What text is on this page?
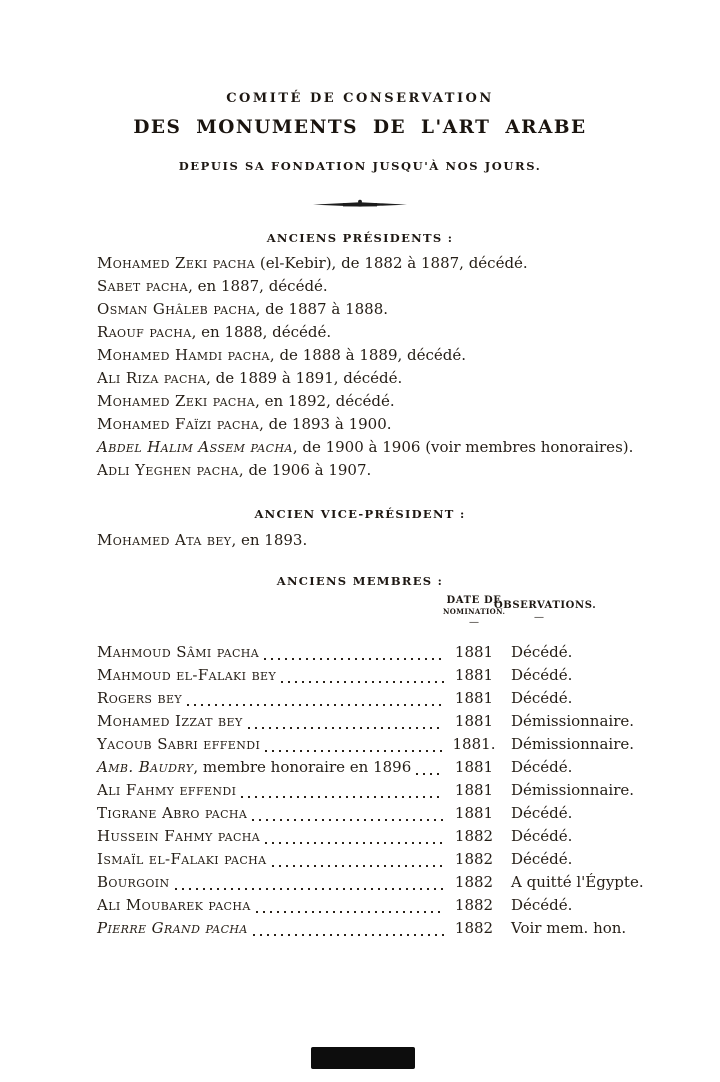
COMITÉ DE CONSERVATION
DES MONUMENTS DE L'ART ARABE
DEPUIS SA FONDATION JUSQU'À NOS JOURS.
ANCIENS PRÉSIDENTS :
Mohamed Zeki pacha (el-Kebir), de 1882 à 1887, décédé.
Sabet pacha, en 1887, décédé.
Osman Ghâleb pacha, de 1887 à 1888.
Raouf pacha, en 1888, décédé.
Mohamed Hamdi pacha, de 1888 à 1889, décédé.
Ali Riza pacha, de 1889 à 1891, décédé.
Mohamed Zeki pacha, en 1892, décédé.
Mohamed Faïzi pacha, de 1893 à 1900.
Abdel Halim Assem pacha, de 1900 à 1906 (voir membres honoraires).
Adli Yeghen pacha, de 1906 à 1907.
ANCIEN VICE-PRÉSIDENT :
Mohamed Ata bey, en 1893.
ANCIENS MEMBRES :
DATE DE
NOMINATION.
—
OBSERVATIONS.
—
Mahmoud Sâmi pacha	1881	Décédé.
Mahmoud el-Falaki bey	1881	Décédé.
Rogers bey	1881	Décédé.
Mohamed Izzat bey	1881	Démissionnaire.
Yacoub Sabri effendi	1881.	Démissionnaire.
Amb. Baudry , membre honoraire en 1896	1881	Décédé.
Ali Fahmy effendi	1881	Démissionnaire.
Tigrane Abro pacha	1881	Décédé.
Hussein Fahmy pacha	1882	Décédé.
Ismaïl el-Falaki pacha	1882	Décédé.
Bourgoin	1882	A quitté l'Égypte.
Ali Moubarek pacha	1882	Décédé.
Pierre Grand pacha	1882	Voir mem. hon.
